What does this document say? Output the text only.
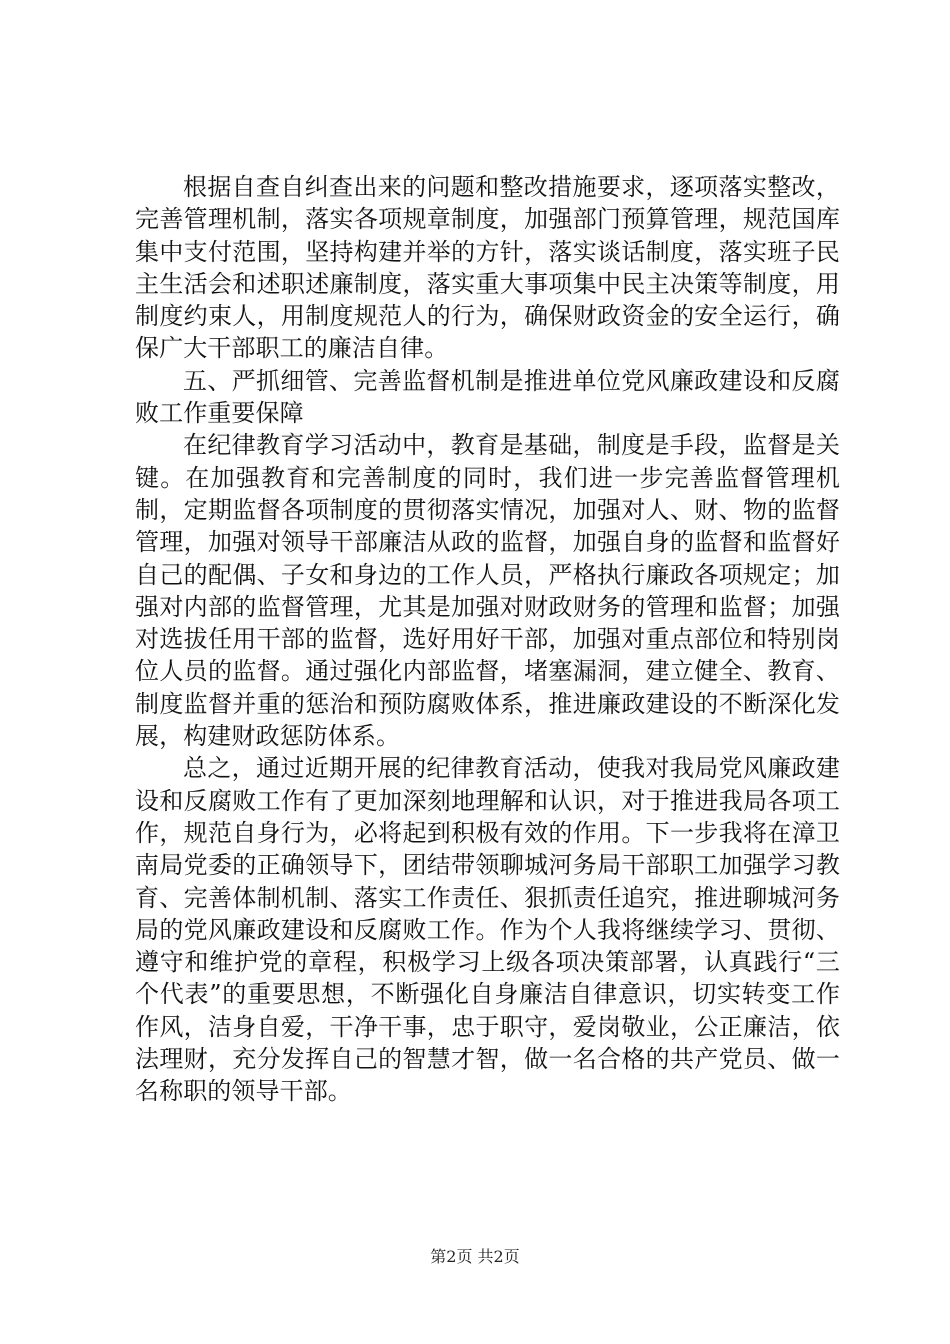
根据自查自纠查出来的问题和整改措施要求，逐项落实整改，完善管理机制，落实各项规章制度，加强部门预算管理，规范国库集中支付范围，坚持构建并举的方针，落实谈话制度，落实班子民主生活会和述职述廉制度，落实重大事项集中民主决策等制度，用制度约束人，用制度规范人的行为，确保财政资金的安全运行，确保广大干部职工的廉洁自律。

五、严抓细管、完善监督机制是推进单位党风廉政建设和反腐败工作重要保障

在纪律教育学习活动中，教育是基础，制度是手段，监督是关键。在加强教育和完善制度的同时，我们进一步完善监督管理机制，定期监督各项制度的贯彻落实情况，加强对人、财、物的监督管理，加强对领导干部廉洁从政的监督，加强自身的监督和监督好自己的配偶、子女和身边的工作人员，严格执行廉政各项规定；加强对内部的监督管理，尤其是加强对财政财务的管理和监督；加强对选拔任用干部的监督，选好用好干部，加强对重点部位和特别岗位人员的监督。通过强化内部监督，堵塞漏洞，建立健全、教育、制度监督并重的惩治和预防腐败体系，推进廉政建设的不断深化发展，构建财政惩防体系。

总之，通过近期开展的纪律教育活动，使我对我局党风廉政建设和反腐败工作有了更加深刻地理解和认识，对于推进我局各项工作，规范自身行为，必将起到积极有效的作用。下一步我将在漳卫南局党委的正确领导下，团结带领聊城河务局干部职工加强学习教育、完善体制机制、落实工作责任、狠抓责任追究，推进聊城河务局的党风廉政建设和反腐败工作。作为个人我将继续学习、贯彻、遵守和维护党的章程，积极学习上级各项决策部署，认真践行“三个代表”的重要思想，不断强化自身廉洁自律意识，切实转变工作作风，洁身自爱，干净干事，忠于职守，爱岗敬业，公正廉洁，依法理财，充分发挥自己的智慧才智，做一名合格的共产党员、做一名称职的领导干部。

第2页 共2页
